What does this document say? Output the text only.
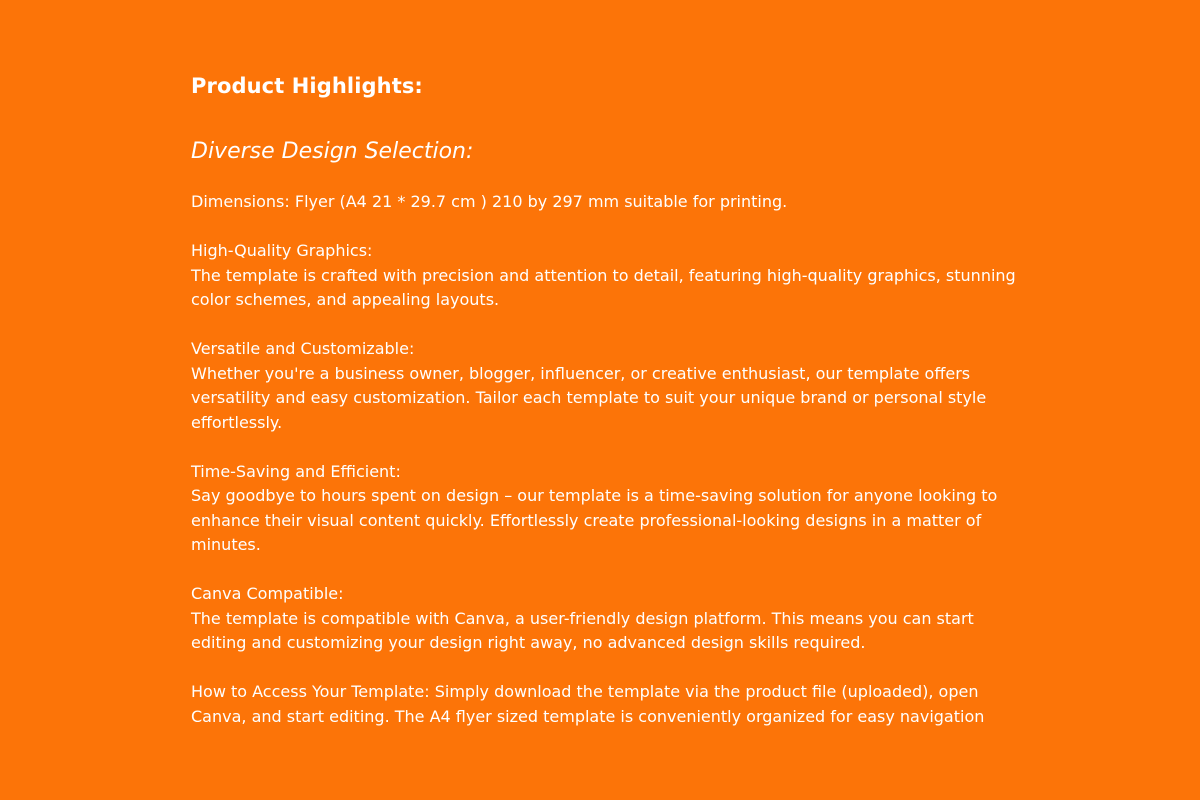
Product Highlights:
Diverse Design Selection:

Dimensions: Flyer (A4 21 * 29.7 cm ) 210 by 297 mm suitable for printing.

High-Quality Graphics:
The template is crafted with precision and attention to detail, featuring high-quality graphics, stunning color schemes, and appealing layouts.
Versatile and Customizable:
Whether you're a business owner, blogger, influencer, or creative enthusiast, our template offers versatility and easy customization. Tailor each template to suit your unique brand or personal style effortlessly.
Time-Saving and Efficient:
Say goodbye to hours spent on design – our template is a time-saving solution for anyone looking to enhance their visual content quickly. Effortlessly create professional-looking designs in a matter of minutes.
Canva Compatible:
The template is compatible with Canva, a user-friendly design platform. This means you can start editing and customizing your design right away, no advanced design skills required.

How to Access Your Template: Simply download the template via the product file (uploaded), open Canva, and start editing. The A4 flyer sized template is conveniently organized for easy navigation
